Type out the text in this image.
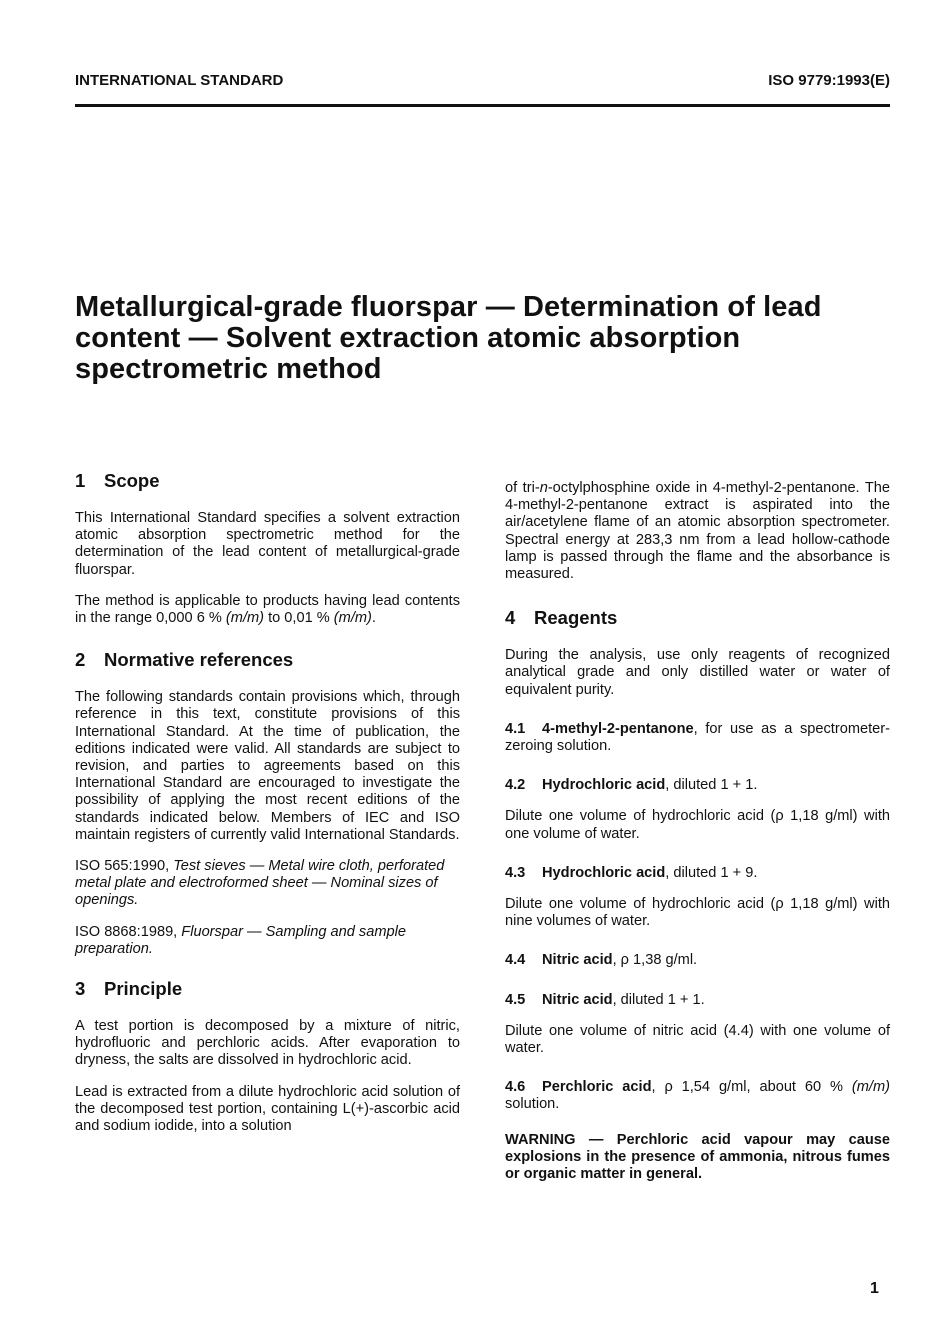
INTERNATIONAL STANDARD	ISO 9779:1993(E)
Metallurgical-grade fluorspar — Determination of lead content — Solvent extraction atomic absorption spectrometric method
1 Scope

This International Standard specifies a solvent extraction atomic absorption spectrometric method for the determination of the lead content of metallurgical-grade fluorspar.

The method is applicable to products having lead contents in the range 0,000 6 % (m/m) to 0,01 % (m/m).

2 Normative references

The following standards contain provisions which, through reference in this text, constitute provisions of this International Standard. At the time of publication, the editions indicated were valid. All standards are subject to revision, and parties to agreements based on this International Standard are encouraged to investigate the possibility of applying the most recent editions of the standards indicated below. Members of IEC and ISO maintain registers of currently valid International Standards.

ISO 565:1990, Test sieves — Metal wire cloth, perforated metal plate and electroformed sheet — Nominal sizes of openings.

ISO 8868:1989, Fluorspar — Sampling and sample preparation.

3 Principle

A test portion is decomposed by a mixture of nitric, hydrofluoric and perchloric acids. After evaporation to dryness, the salts are dissolved in hydrochloric acid.

Lead is extracted from a dilute hydrochloric acid solution of the decomposed test portion, containing L(+)-ascorbic acid and sodium iodide, into a solution

of tri-n-octylphosphine oxide in 4-methyl-2-pentanone. The 4-methyl-2-pentanone extract is aspirated into the air/acetylene flame of an atomic absorption spectrometer. Spectral energy at 283,3 nm from a lead hollow-cathode lamp is passed through the flame and the absorbance is measured.

4 Reagents

During the analysis, use only reagents of recognized analytical grade and only distilled water or water of equivalent purity.

4.1 4-methyl-2-pentanone, for use as a spectrometer-zeroing solution.

4.2 Hydrochloric acid, diluted 1 + 1.

Dilute one volume of hydrochloric acid (ρ 1,18 g/ml) with one volume of water.

4.3 Hydrochloric acid, diluted 1 + 9.

Dilute one volume of hydrochloric acid (ρ 1,18 g/ml) with nine volumes of water.

4.4 Nitric acid, ρ 1,38 g/ml.

4.5 Nitric acid, diluted 1 + 1.

Dilute one volume of nitric acid (4.4) with one volume of water.

4.6 Perchloric acid, ρ 1,54 g/ml, about 60 % (m/m) solution.

WARNING — Perchloric acid vapour may cause explosions in the presence of ammonia, nitrous fumes or organic matter in general.

1
